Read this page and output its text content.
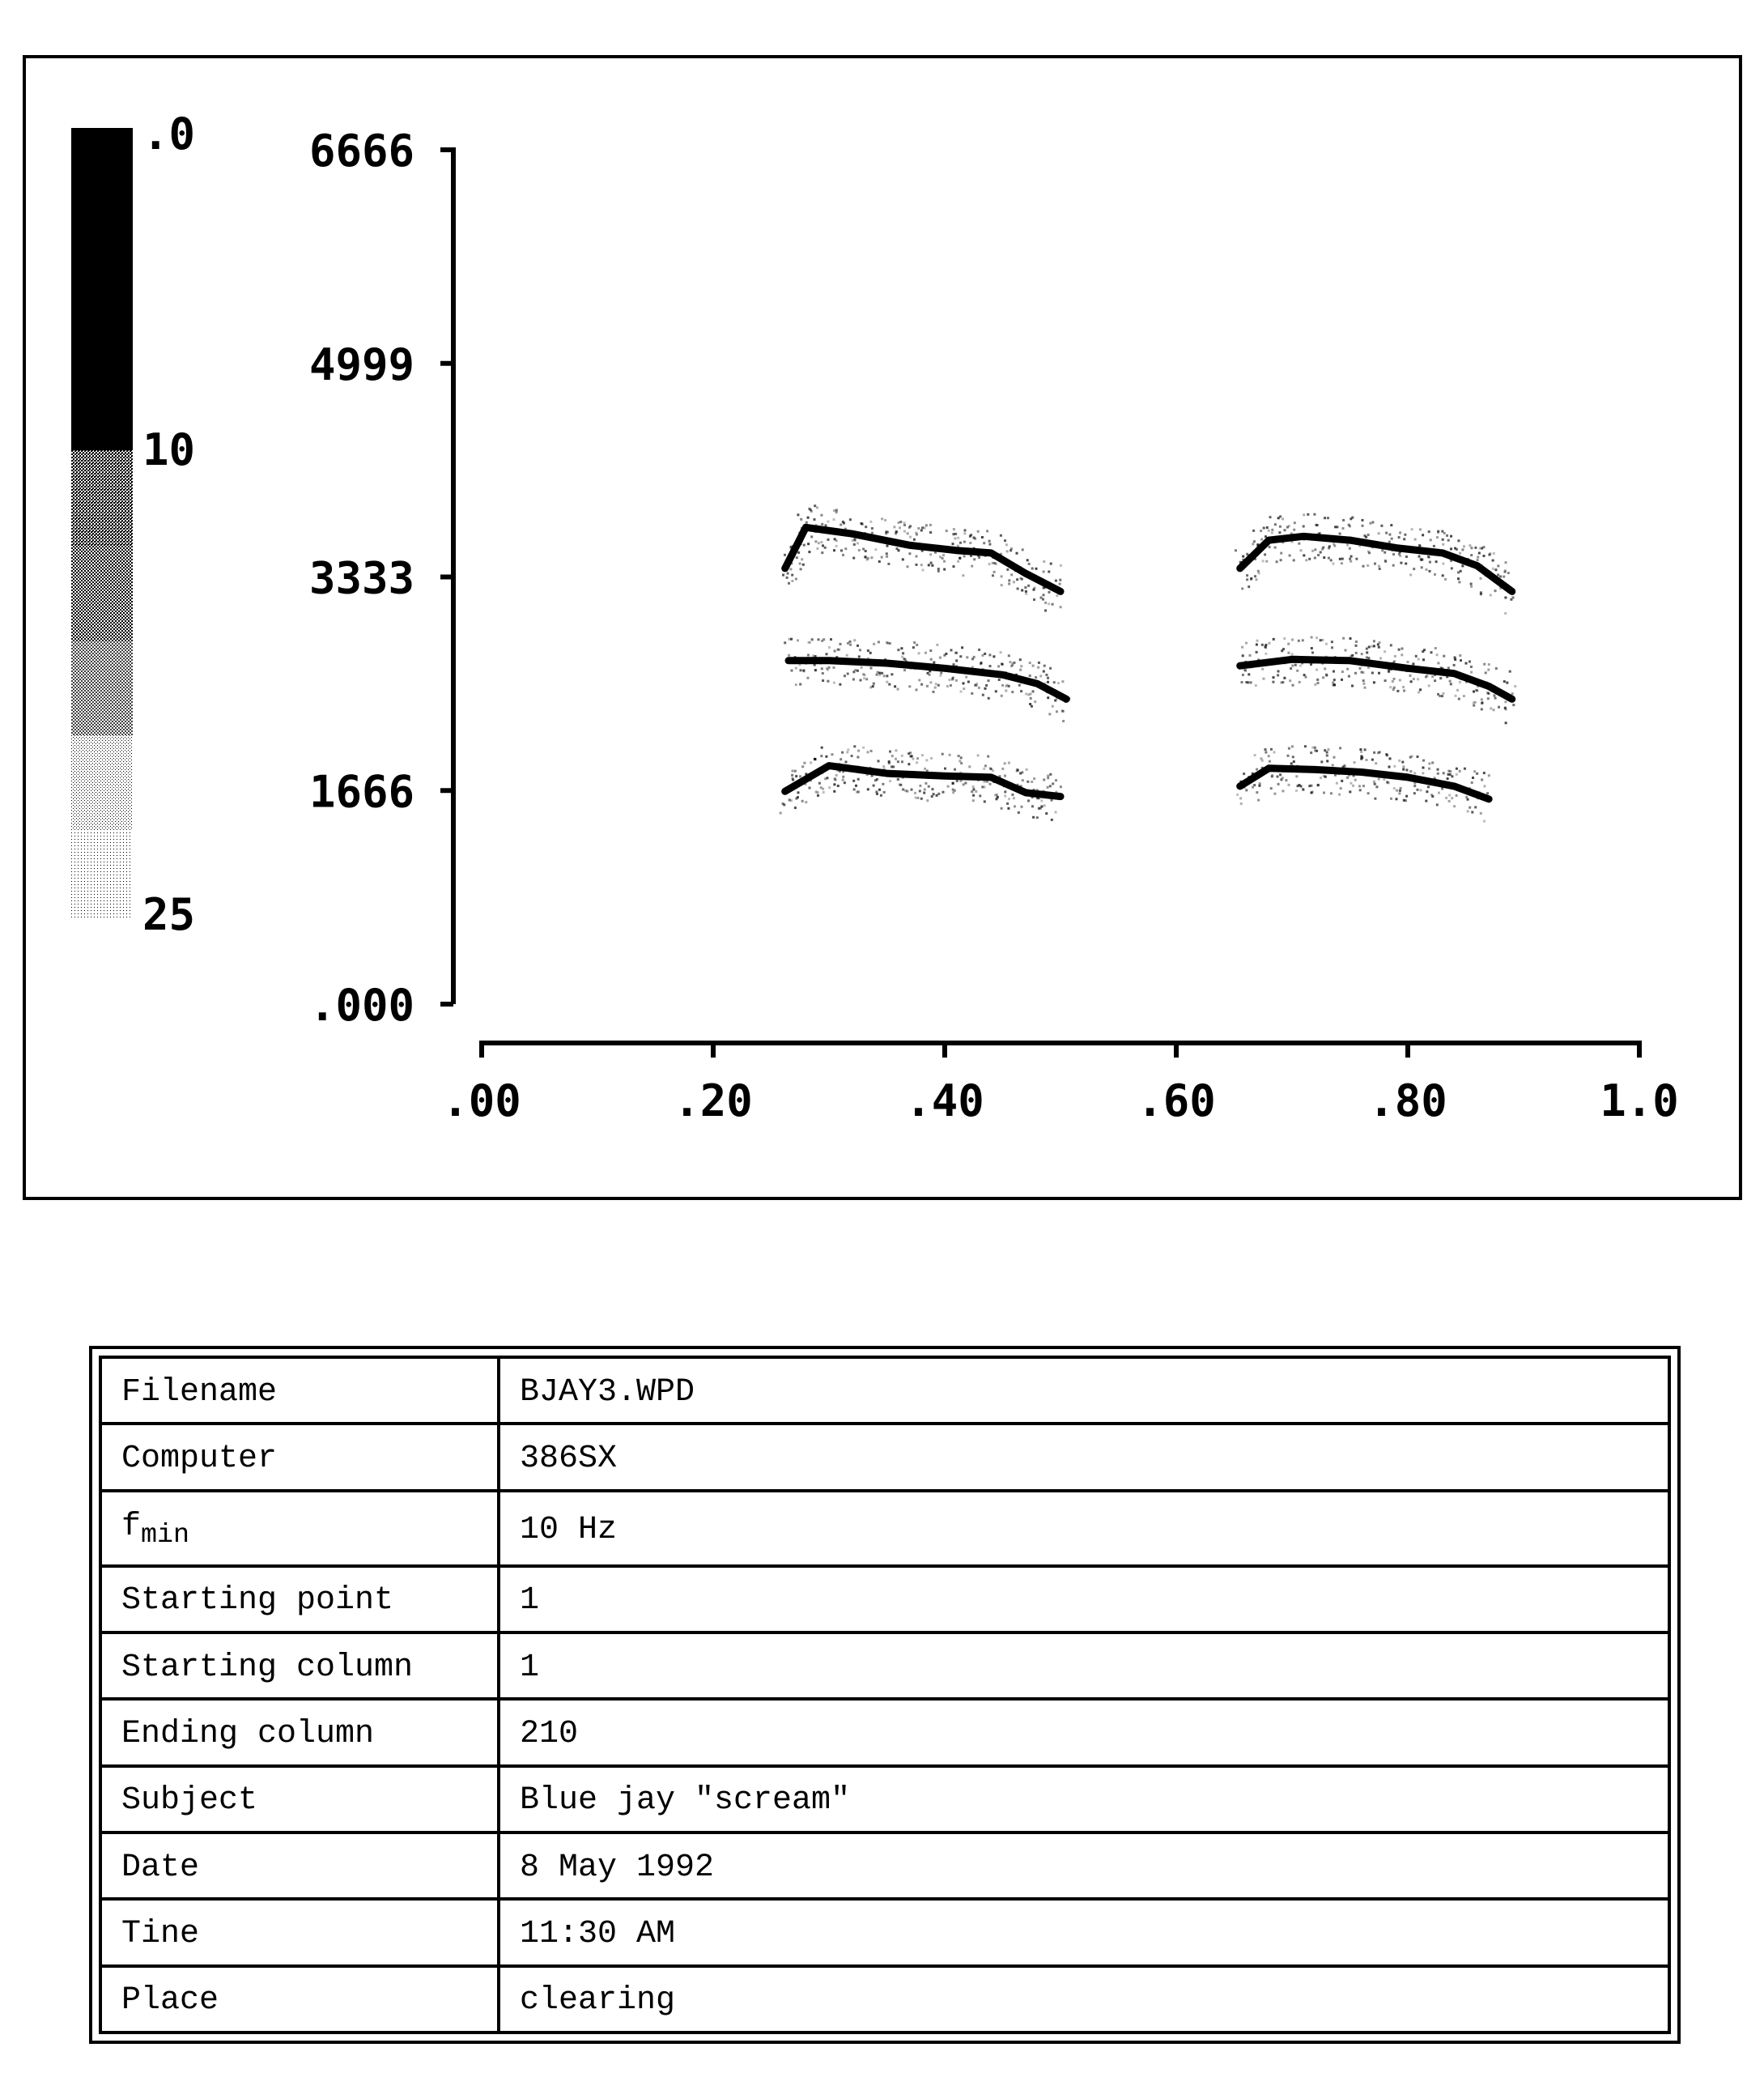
.0
10
25
.000
1666
3333
4999
6666
.00	.20	.40	.60	.80	1.0
Filename	BJAY3.WPD
Computer	386SX
$f_{min}$	10 Hz
Starting point	1
Starting column	1
Ending column	210
Subject	Blue jay "scream"
Date	8 May 1992
Tine	11:30 AM
Place	clearing
